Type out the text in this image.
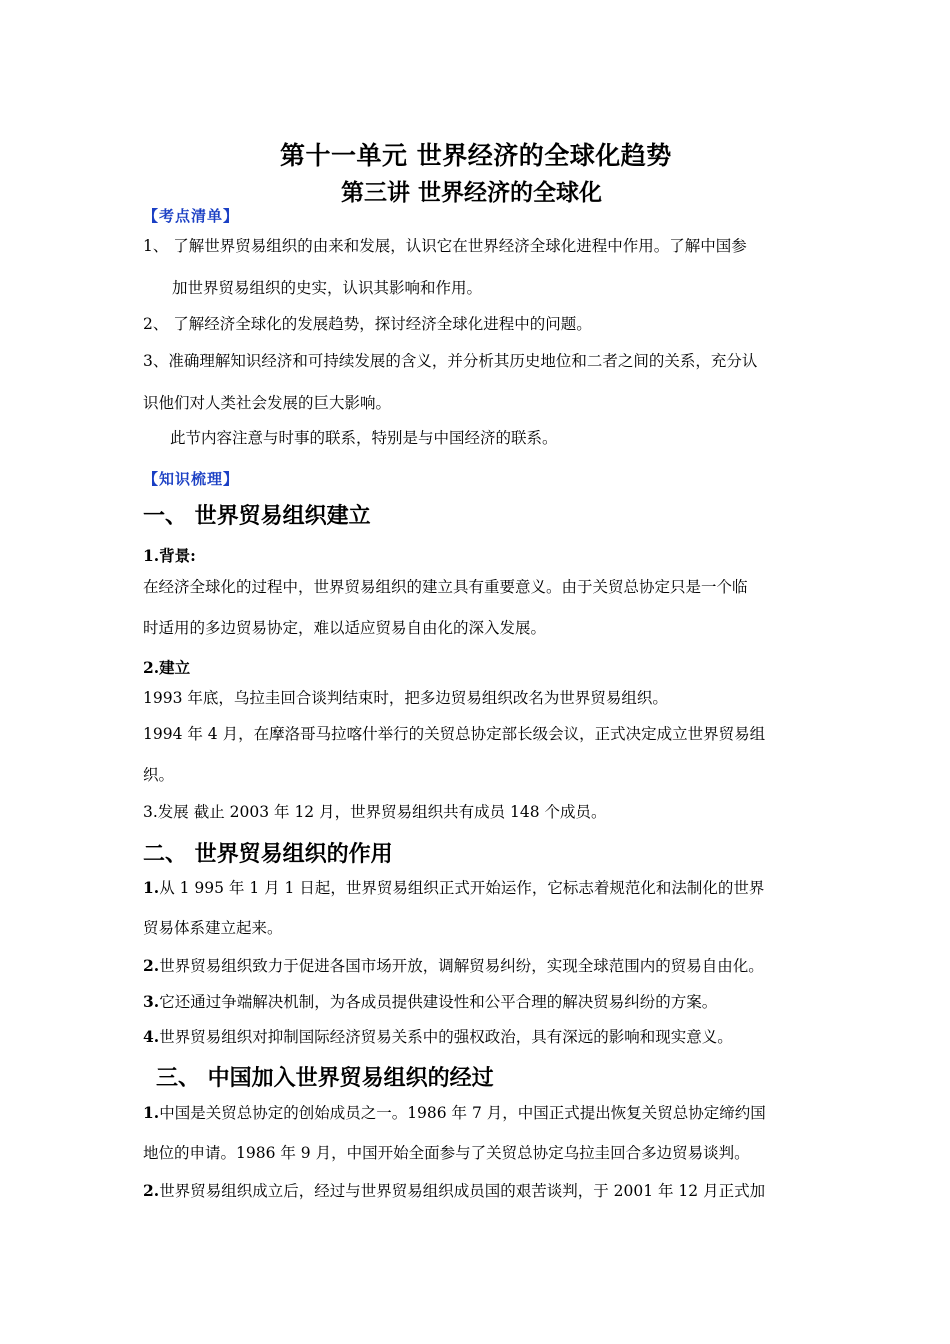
第十一单元 世界经济的全球化趋势
第三讲 世界经济的全球化
【考点清单】
1、 了解世界贸易组织的由来和发展，认识它在世界经济全球化进程中作用。了解中国参
加世界贸易组织的史实，认识其影响和作用。
2、 了解经济全球化的发展趋势，探讨经济全球化进程中的问题。
3、准确理解知识经济和可持续发展的含义，并分析其历史地位和二者之间的关系，充分认
识他们对人类社会发展的巨大影响。
此节内容注意与时事的联系，特别是与中国经济的联系。
【知识梳理】
一、 世界贸易组织建立
1.背景:
在经济全球化的过程中，世界贸易组织的建立具有重要意义。由于关贸总协定只是一个临
时适用的多边贸易协定，难以适应贸易自由化的深入发展。
2.建立
1993 年底，乌拉圭回合谈判结束时，把多边贸易组织改名为世界贸易组织。
1994 年 4 月，在摩洛哥马拉喀什举行的关贸总协定部长级会议，正式决定成立世界贸易组
织。
3.发展 截止 2003 年 12 月，世界贸易组织共有成员 148 个成员。
二、 世界贸易组织的作用
1.从 1 995 年 1 月 1 日起，世界贸易组织正式开始运作，它标志着规范化和法制化的世界
贸易体系建立起来。
2.世界贸易组织致力于促进各国市场开放，调解贸易纠纷，实现全球范围内的贸易自由化。
3.它还通过争端解决机制，为各成员提供建设性和公平合理的解决贸易纠纷的方案。
4.世界贸易组织对抑制国际经济贸易关系中的强权政治，具有深远的影响和现实意义。
三、 中国加入世界贸易组织的经过
1.中国是关贸总协定的创始成员之一。1986 年 7 月，中国正式提出恢复关贸总协定缔约国
地位的申请。1986 年 9 月，中国开始全面参与了关贸总协定乌拉圭回合多边贸易谈判。
2.世界贸易组织成立后，经过与世界贸易组织成员国的艰苦谈判，于 2001 年 12 月正式加
